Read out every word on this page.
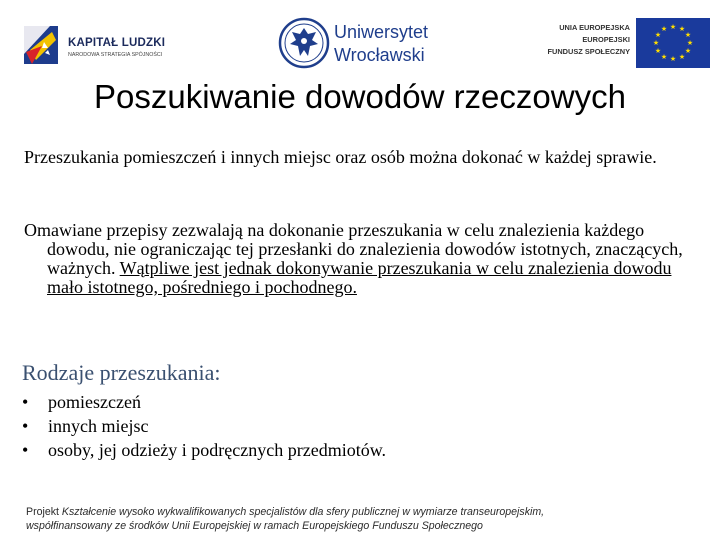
KAPITAŁ LUDZKI
NARODOWA STRATEGIA SPÓJNOŚCI
Uniwersytet
Wrocławski
UNIA EUROPEJSKA
EUROPEJSKI
FUNDUSZ SPOŁECZNY
★ ★
★
★
★
★
★
★
★
★
★
★
Poszukiwanie dowodów rzeczowych

Przeszukania pomieszczeń i innych miejsc oraz osób można dokonać w każdej sprawie.

Omawiane przepisy zezwalają na dokonanie przeszukania w celu znalezienia każdego dowodu, nie ograniczając tej przesłanki do znalezienia dowodów istotnych, znaczących, ważnych. Wątpliwe jest jednak dokonywanie przeszukania w celu znalezienia dowodu mało istotnego, pośredniego i pochodnego.

Rodzaje przeszukania:
• pomieszczeń
• innych miejsc
• osoby, jej odzieży i podręcznych przedmiotów.
Projekt Kształcenie wysoko wykwalifikowanych specjalistów dla sfery publicznej w wymiarze transeuropejskim,
współfinansowany ze środków Unii Europejskiej w ramach Europejskiego Funduszu Społecznego
